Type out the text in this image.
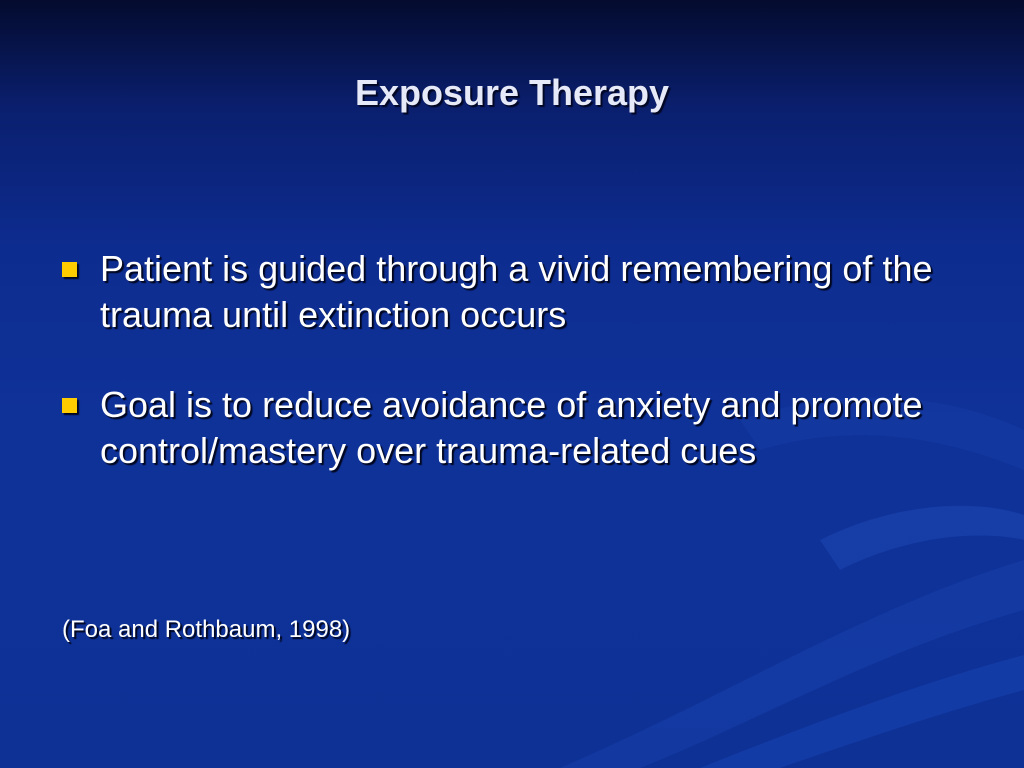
Exposure Therapy
Patient is guided through a vivid remembering of the trauma until extinction occurs
Goal is to reduce avoidance of anxiety and promote control/mastery over trauma-related cues
(Foa and Rothbaum, 1998)
